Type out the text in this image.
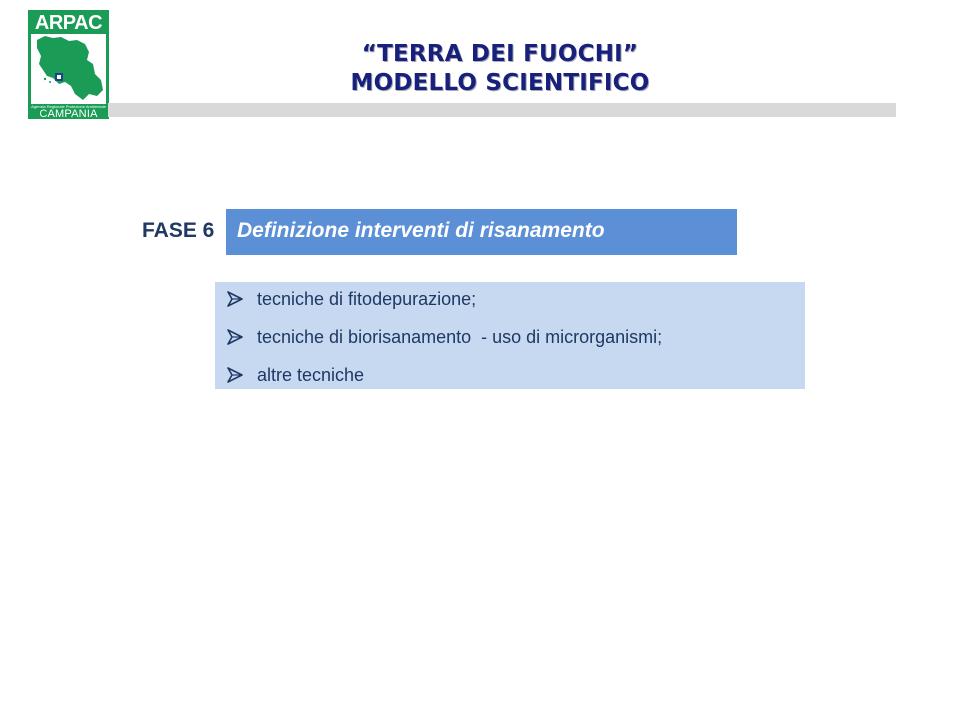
ARPAC
Agenzia Regionale Protezione Ambientale
CAMPANIA
“TERRA DEI FUOCHI”
MODELLO SCIENTIFICO
FASE 6	Definizione interventi di risanamento
tecniche di fitodepurazione;
tecniche di biorisanamento  - uso di microrganismi;
altre tecniche
